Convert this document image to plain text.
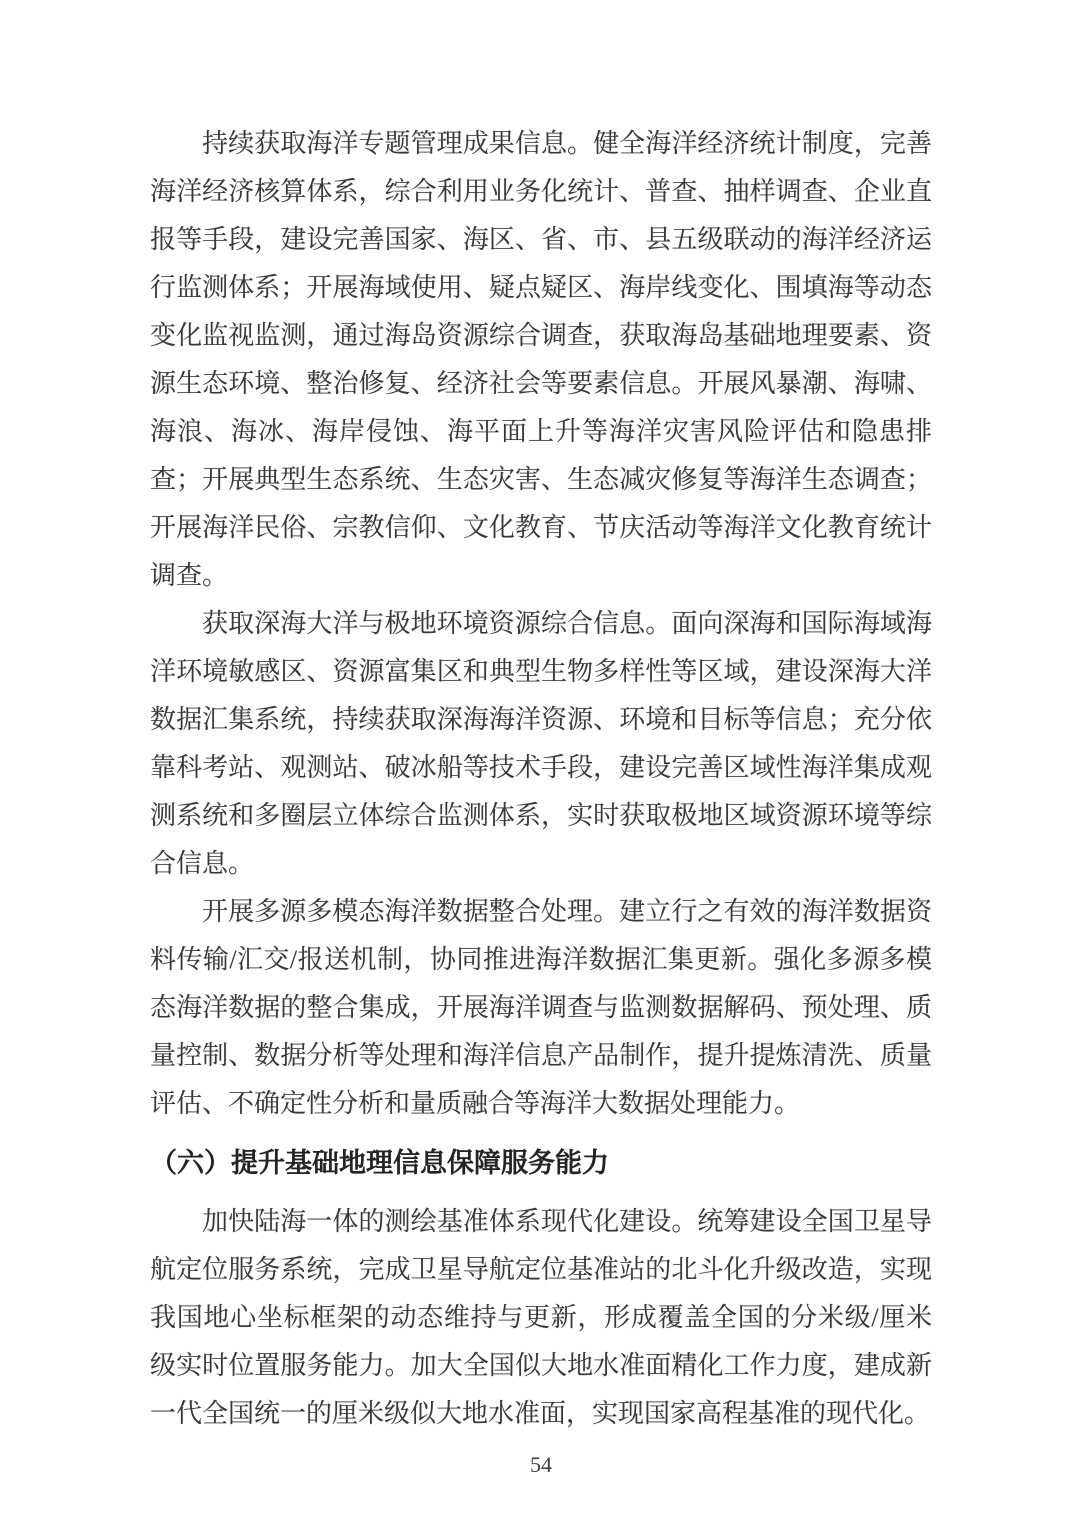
持续获取海洋专题管理成果信息。健全海洋经济统计制度，完善海洋经济核算体系，综合利用业务化统计、普查、抽样调查、企业直报等手段，建设完善国家、海区、省、市、县五级联动的海洋经济运行监测体系；开展海域使用、疑点疑区、海岸线变化、围填海等动态变化监视监测，通过海岛资源综合调查，获取海岛基础地理要素、资源生态环境、整治修复、经济社会等要素信息。开展风暴潮、海啸、海浪、海冰、海岸侵蚀、海平面上升等海洋灾害风险评估和隐患排查；开展典型生态系统、生态灾害、生态减灾修复等海洋生态调查；开展海洋民俗、宗教信仰、文化教育、节庆活动等海洋文化教育统计调查。

获取深海大洋与极地环境资源综合信息。面向深海和国际海域海洋环境敏感区、资源富集区和典型生物多样性等区域，建设深海大洋数据汇集系统，持续获取深海海洋资源、环境和目标等信息；充分依靠科考站、观测站、破冰船等技术手段，建设完善区域性海洋集成观测系统和多圈层立体综合监测体系，实时获取极地区域资源环境等综合信息。

开展多源多模态海洋数据整合处理。建立行之有效的海洋数据资料传输/汇交/报送机制，协同推进海洋数据汇集更新。强化多源多模态海洋数据的整合集成，开展海洋调查与监测数据解码、预处理、质量控制、数据分析等处理和海洋信息产品制作，提升提炼清洗、质量评估、不确定性分析和量质融合等海洋大数据处理能力。

（六）提升基础地理信息保障服务能力

加快陆海一体的测绘基准体系现代化建设。统筹建设全国卫星导航定位服务系统，完成卫星导航定位基准站的北斗化升级改造，实现我国地心坐标框架的动态维持与更新，形成覆盖全国的分米级/厘米级实时位置服务能力。加大全国似大地水准面精化工作力度，建成新一代全国统一的厘米级似大地水准面，实现国家高程基准的现代化。

54
